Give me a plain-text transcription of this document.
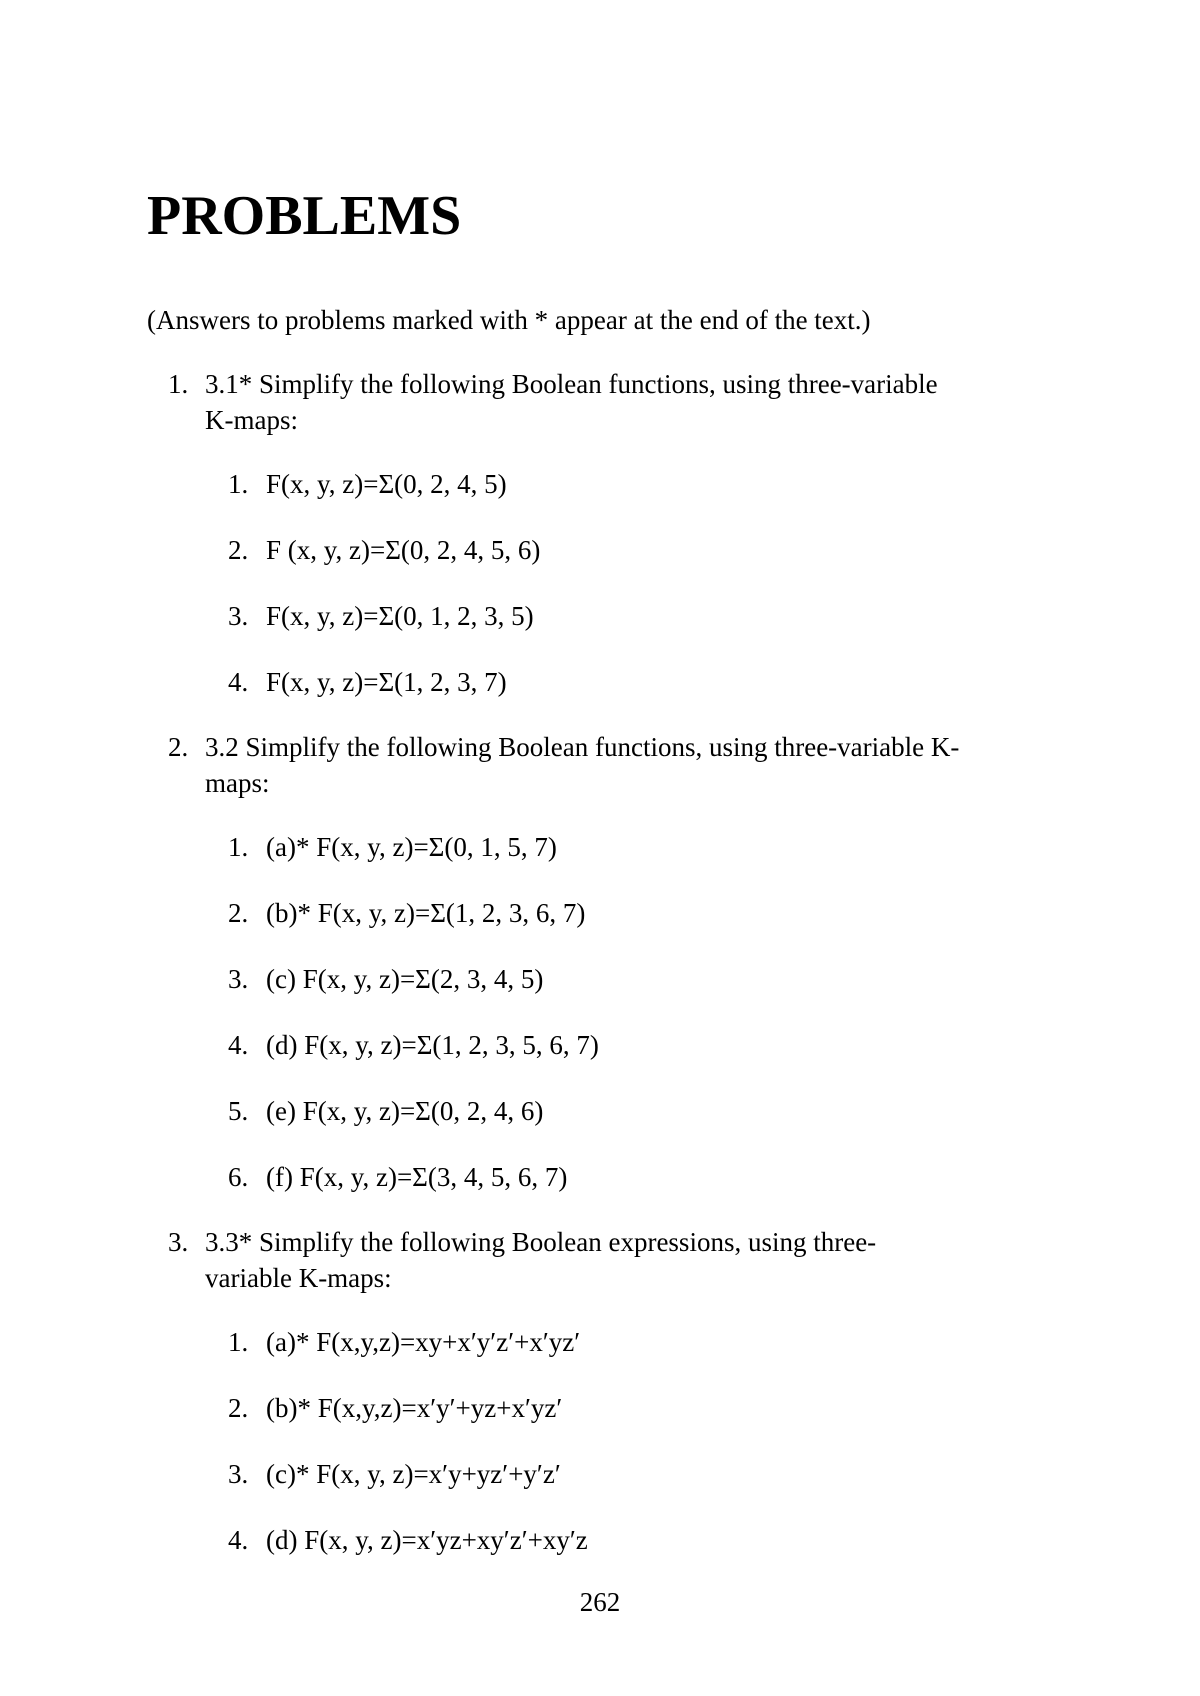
PROBLEMS

(Answers to problems marked with * appear at the end of the text.)

1. 3.1* Simplify the following Boolean functions, using three-variable

K-maps:

1. F(x, y, z)=Σ(0, 2, 4, 5)

2. F (x, y, z)=Σ(0, 2, 4, 5, 6)

3. F(x, y, z)=Σ(0, 1, 2, 3, 5)

4. F(x, y, z)=Σ(1, 2, 3, 7)

2. 3.2 Simplify the following Boolean functions, using three-variable K-

maps:

1. (a)* F(x, y, z)=Σ(0, 1, 5, 7)

2. (b)* F(x, y, z)=Σ(1, 2, 3, 6, 7)

3. (c) F(x, y, z)=Σ(2, 3, 4, 5)

4. (d) F(x, y, z)=Σ(1, 2, 3, 5, 6, 7)

5. (e) F(x, y, z)=Σ(0, 2, 4, 6)

6. (f) F(x, y, z)=Σ(3, 4, 5, 6, 7)

3. 3.3* Simplify the following Boolean expressions, using three-

variable K-maps:

1. (a)* F(x,y,z)=xy+x′y′z′+x′yz′

2. (b)* F(x,y,z)=x′y′+yz+x′yz′

3. (c)* F(x, y, z)=x′y+yz′+y′z′

4. (d) F(x, y, z)=x′yz+xy′z′+xy′z

262
